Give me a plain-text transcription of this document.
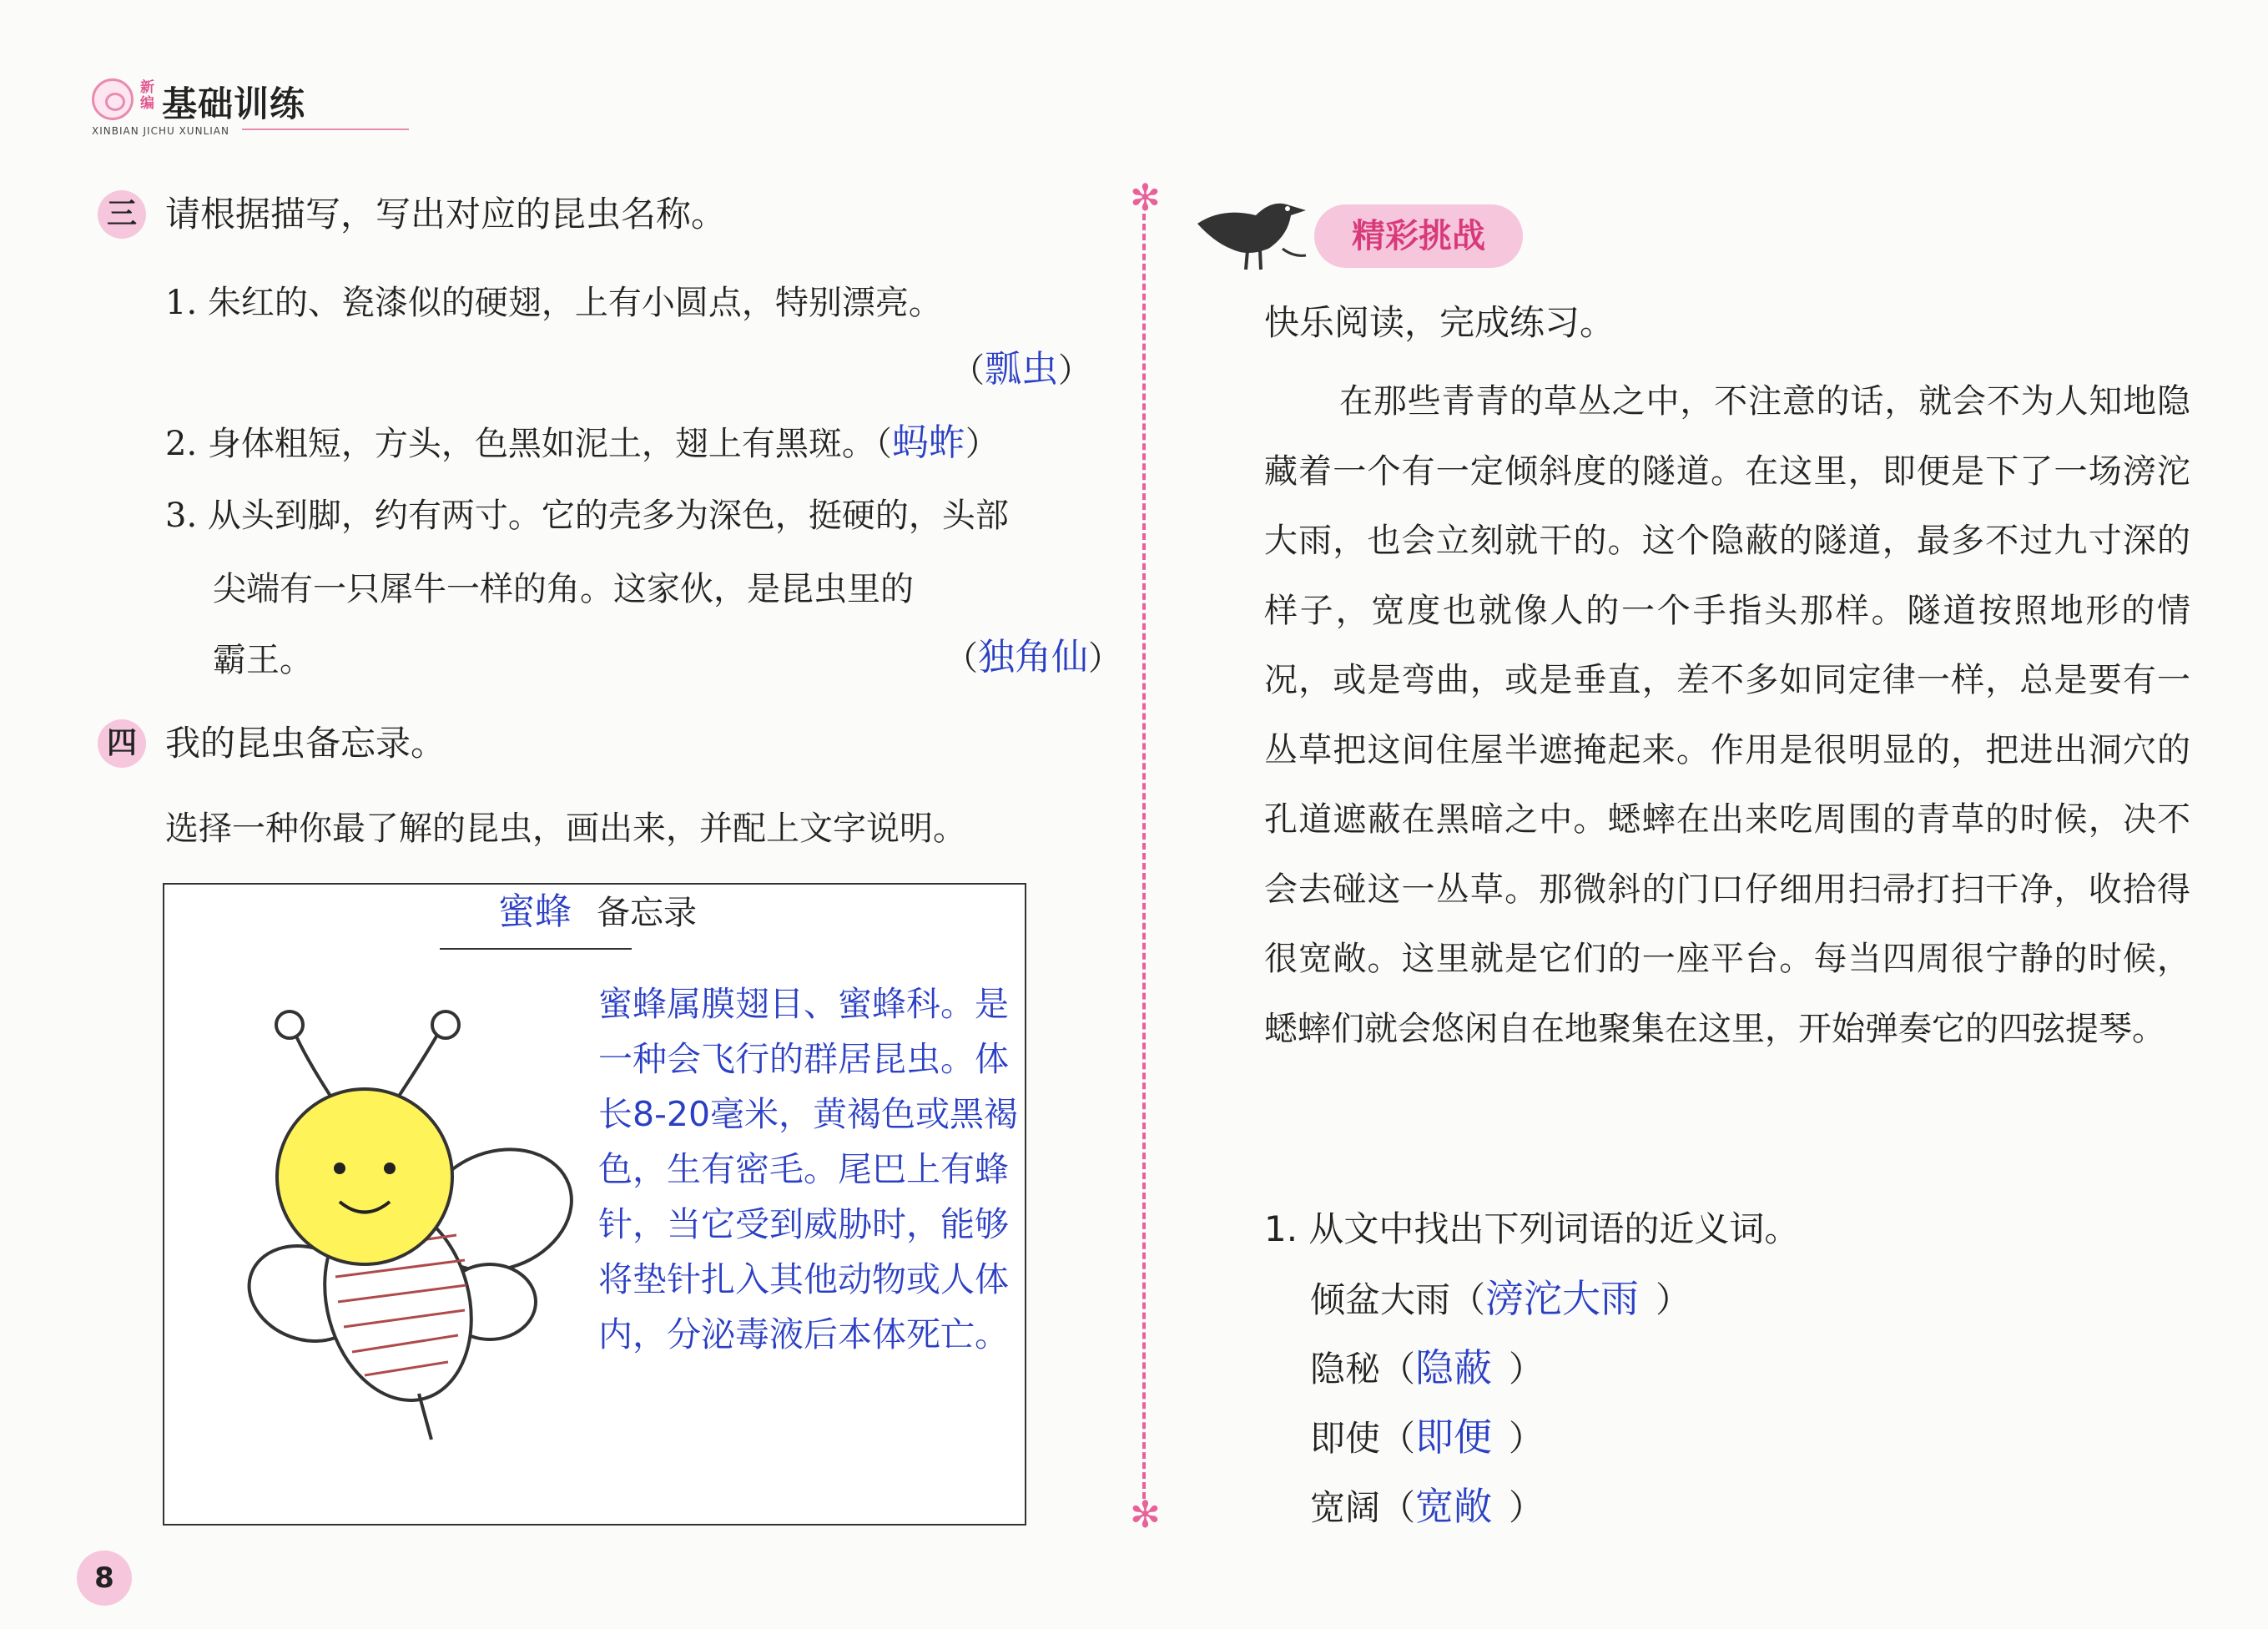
新编 基础训练
XINBIAN JICHU XUNLIAN
三 请根据描写，写出对应的昆虫名称。
1. 朱红的、瓷漆似的硬翅，上有小圆点，特别漂亮。
（瓢虫）
2. 身体粗短，方头，色黑如泥土，翅上有黑斑。（蚂蚱）
3. 从头到脚，约有两寸。它的壳多为深色，挺硬的，头部
尖端有一只犀牛一样的角。这家伙，是昆虫里的
霸王。	（独角仙）
四 我的昆虫备忘录。
选择一种你最了解的昆虫，画出来，并配上文字说明。
蜜蜂 备忘录
蜜蜂属膜翅目、蜜蜂科。是一种会飞行的群居昆虫。体长8-20毫米，黄褐色或黑褐色，生有密毛。尾巴上有蜂针，当它受到威胁时，能够将垫针扎入其他动物或人体内，分泌毒液后本体死亡。
✻
✻
精彩挑战
快乐阅读，完成练习。
在那些青青的草丛之中，不注意的话，就会不为人知地隐藏着一个有一定倾斜度的隧道。在这里，即便是下了一场滂沱大雨，也会立刻就干的。这个隐蔽的隧道，最多不过九寸深的样子，宽度也就像人的一个手指头那样。隧道按照地形的情况，或是弯曲，或是垂直，差不多如同定律一样，总是要有一丛草把这间住屋半遮掩起来。作用是很明显的，把进出洞穴的孔道遮蔽在黑暗之中。蟋蟀在出来吃周围的青草的时候，决不会去碰这一丛草。那微斜的门口仔细用扫帚打扫干净，收拾得很宽敞。这里就是它们的一座平台。每当四周很宁静的时候，蟋蟀们就会悠闲自在地聚集在这里，开始弹奏它的四弦提琴。
1. 从文中找出下列词语的近义词。
倾盆大雨（滂沱大雨 ）
隐秘（隐蔽 ）
即使（即便 ）
宽阔（宽敞 ）
8
